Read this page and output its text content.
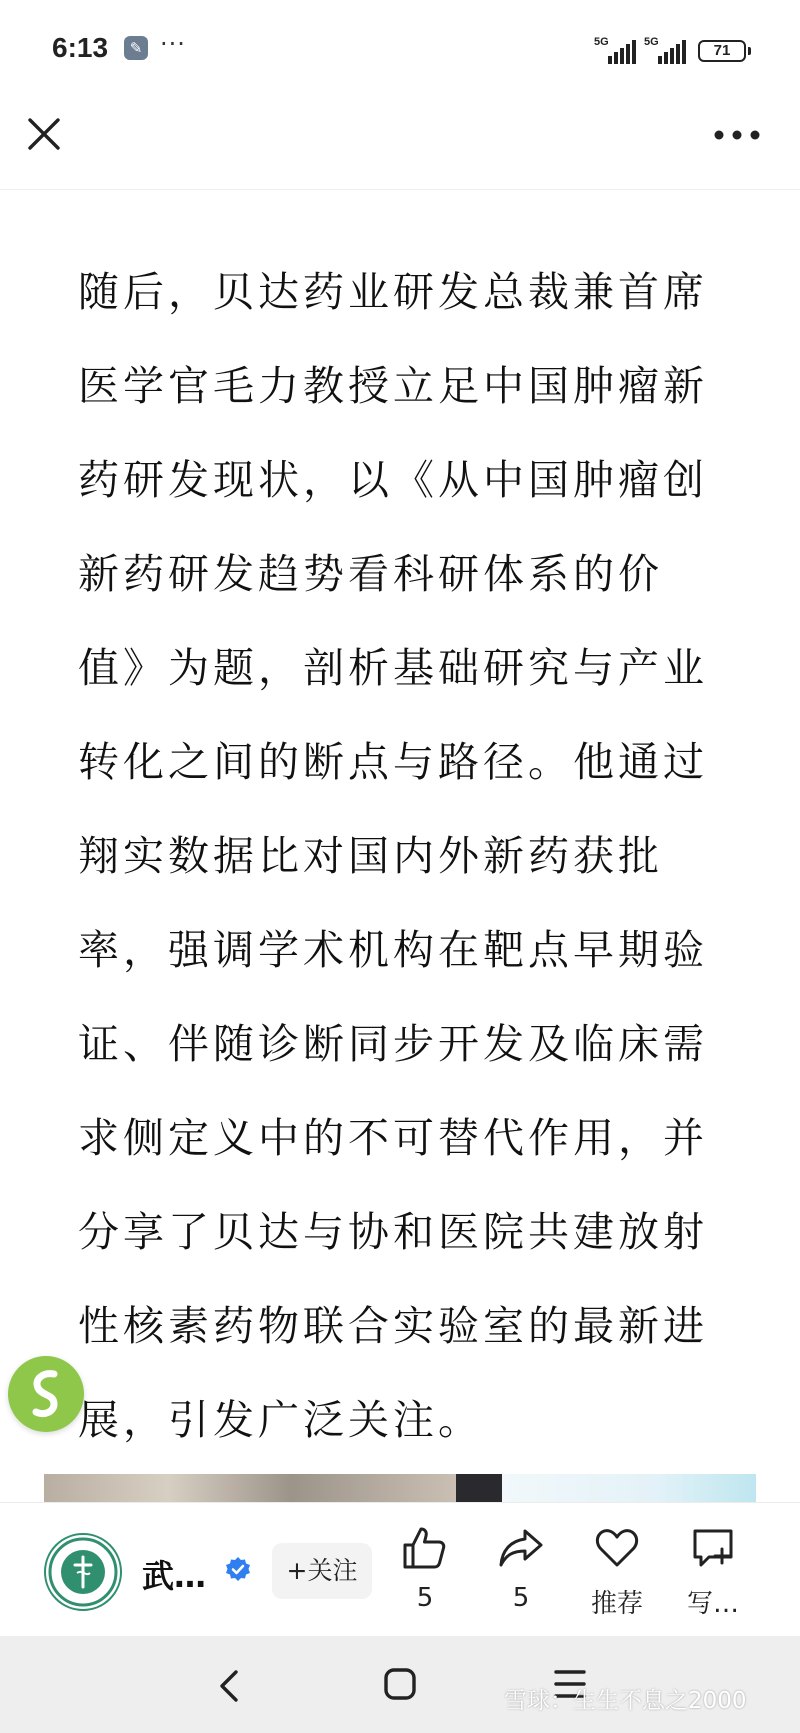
6:13	✎ ···	5G	5G	71
随后，贝达药业研发总裁兼首席医学官毛力教授立足中国肿瘤新药研发现状，以《从中国肿瘤创新药研发趋势看科研体系的价值》为题，剖析基础研究与产业转化之间的断点与路径。他通过翔实数据比对国内外新药获批率，强调学术机构在靶点早期验证、伴随诊断同步开发及临床需求侧定义中的不可替代作用，并分享了贝达与协和医院共建放射性核素药物联合实验室的最新进展，引发广泛关注。
武…	+关注
5	5	推荐	写…
雪球：生生不息之2000
